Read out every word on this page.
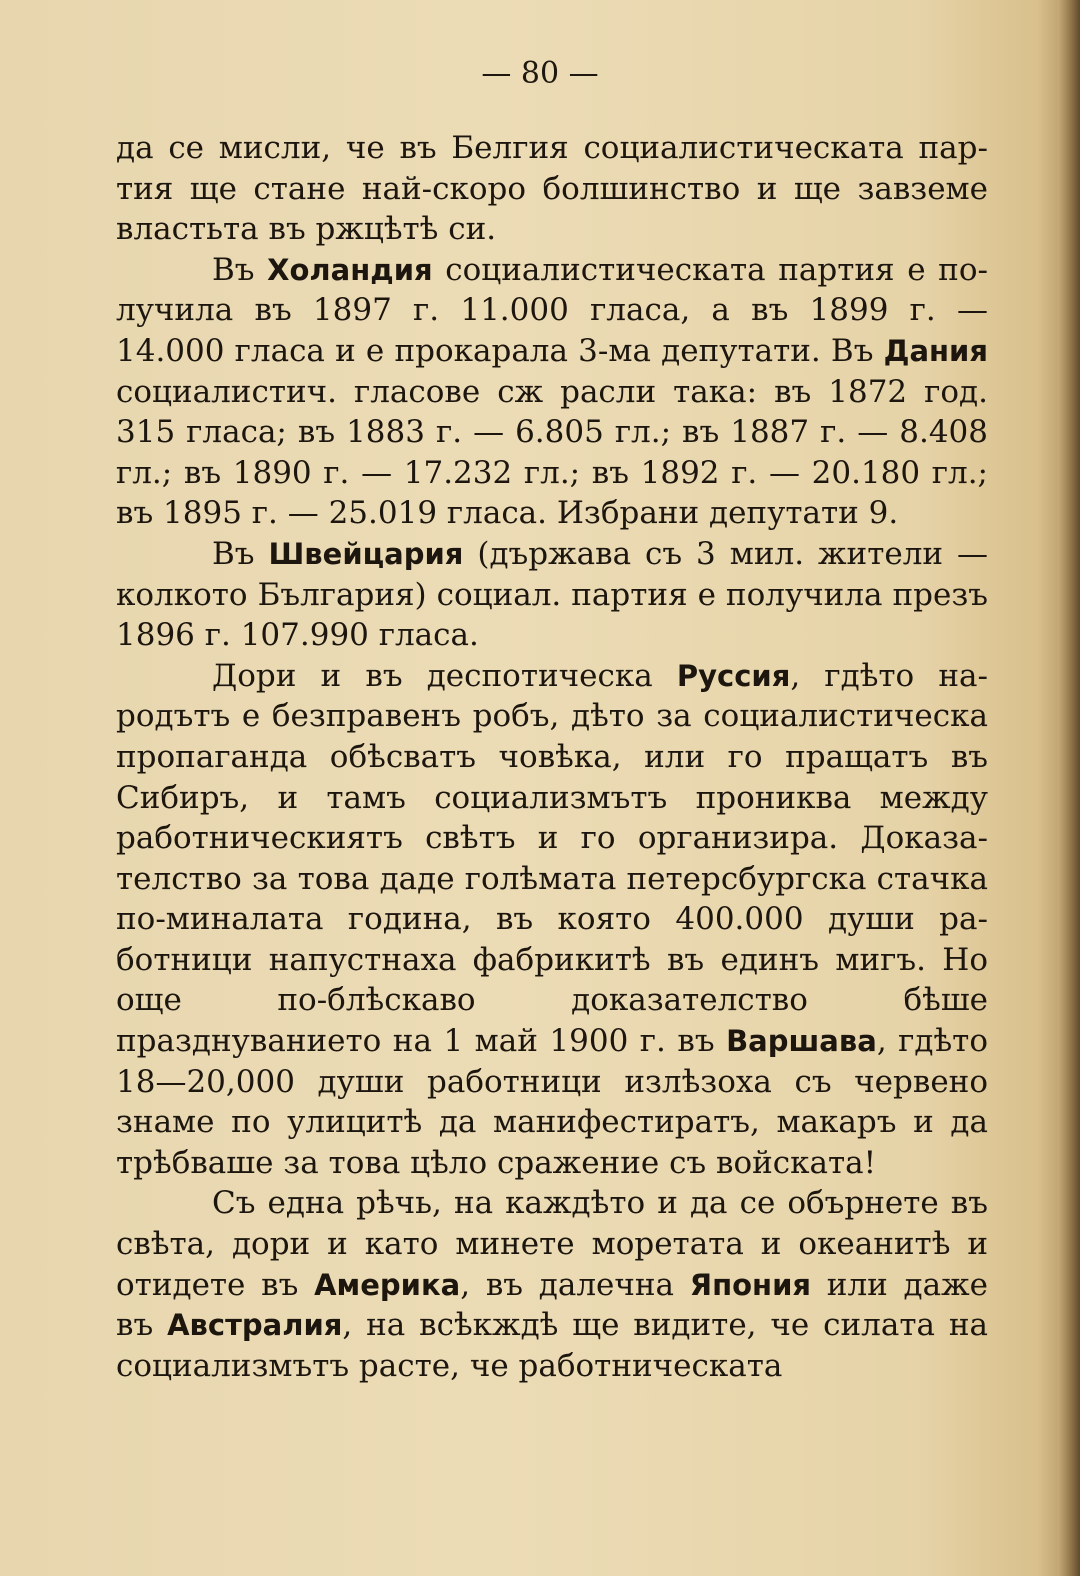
— 80 —

да се мисли, че въ Белгия социалистическата партия ще стане най-скоро болшинство и ще завземе властьта въ ржцѣтѣ си.

Въ Холандия социалистическата партия е получила въ 1897 г. 11.000 гласа, а въ 1899 г. — 14.000 гласа и е прокарала 3-ма депутати. Въ Дания социалистич. гласове сж расли така: въ 1872 год. 315 гласа; въ 1883 г. — 6.805 гл.; въ 1887 г. — 8.408 гл.; въ 1890 г. — 17.232 гл.; въ 1892 г. — 20.180 гл.; въ 1895 г. — 25.019 гласа. Избрани депутати 9.

Въ Швейцария (държава съ 3 мил. жители — колкото България) социал. партия е получила презъ 1896 г. 107.990 гласа.

Дори и въ деспотическа Руссия, гдѣто народътъ е безправенъ робъ, дѣто за социалистическа пропаганда обѣсватъ човѣка, или го пращатъ въ Сибиръ, и тамъ социализмътъ прониква между работническиятъ свѣтъ и го организира. Доказателство за това даде голѣмата петерсбургска стачка по-миналата година, въ която 400.000 души работници напустнаха фабрикитѣ въ единъ мигъ. Но още по-блѣскаво доказателство бѣше празднуванието на 1 май 1900 г. въ Варшава, гдѣто 18—20,000 души работници излѣзоха съ червено знаме по улицитѣ да манифестиратъ, макаръ и да трѣбваше за това цѣло сражение съ войската!

Съ една рѣчь, на каждѣто и да се обърнете въ свѣта, дори и като минете моретата и океанитѣ и отидете въ Америка, въ далечна Япония или даже въ Австралия, на всѣкждѣ ще видите, че силата на социализмътъ расте, че работническата
